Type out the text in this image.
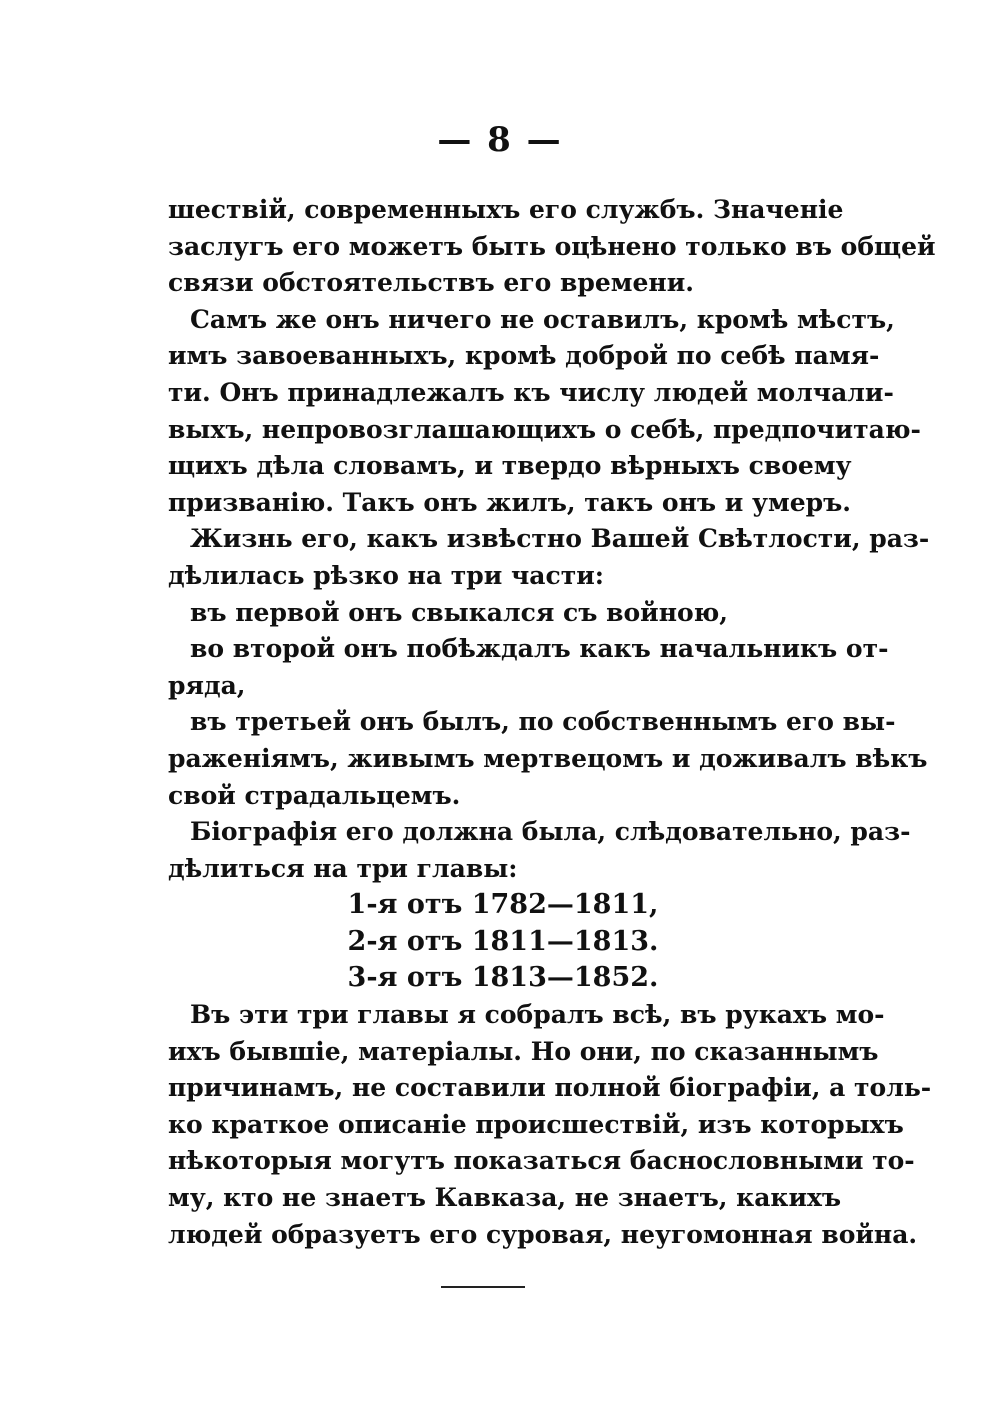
— 8 —
шествій, современныхъ его службъ. Значеніе
заслугъ его можетъ быть оцѣнено только въ общей
связи обстоятельствъ его времени.
Самъ же онъ ничего не оставилъ, кромѣ мѣстъ,
имъ завоеванныхъ, кромѣ доброй по себѣ памя-
ти. Онъ принадлежалъ къ числу людей молчали-
выхъ, непровозглашающихъ о себѣ, предпочитаю-
щихъ дѣла словамъ, и твердо вѣрныхъ своему
призванію. Такъ онъ жилъ, такъ онъ и умеръ.
Жизнь его, какъ извѣстно Вашей Свѣтлости, раз-
дѣлилась рѣзко на три части:
въ первой онъ свыкался съ войною,
во второй онъ побѣждалъ какъ начальникъ от-
ряда,
въ третьей онъ былъ, по собственнымъ его вы-
раженіямъ, живымъ мертвецомъ и доживалъ вѣкъ
свой страдальцемъ.
Біографія его должна была, слѣдовательно, раз-
дѣлиться на три главы:
1-я отъ 1782—1811,
2-я отъ 1811—1813.
3-я отъ 1813—1852.
Въ эти три главы я собралъ всѣ, въ рукахъ мо-
ихъ бывшіе, матеріалы. Но они, по сказаннымъ
причинамъ, не составили полной біографіи, а толь-
ко краткое описаніе происшествій, изъ которыхъ
нѣкоторыя могутъ показаться баснословными то-
му, кто не знаетъ Кавказа, не знаетъ, какихъ
людей образуетъ его суровая, неугомонная война.
